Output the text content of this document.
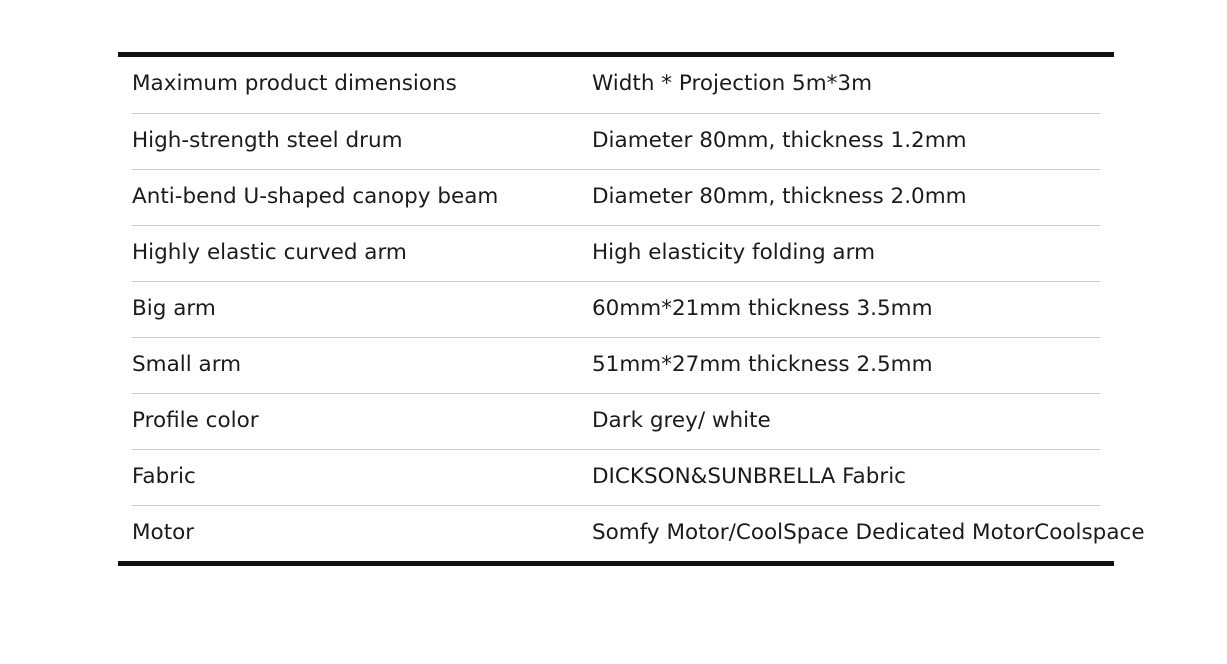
Maximum product dimensions	Width * Projection 5m*3m
High-strength steel drum	Diameter 80mm, thickness 1.2mm
Anti-bend U-shaped canopy beam	Diameter 80mm, thickness 2.0mm
Highly elastic curved arm	High elasticity folding arm
Big arm	60mm*21mm thickness 3.5mm
Small arm	51mm*27mm thickness 2.5mm
Profile color	Dark grey/ white
Fabric	DICKSON&SUNBRELLA Fabric
Motor	Somfy Motor/CoolSpace Dedicated MotorCoolspace
